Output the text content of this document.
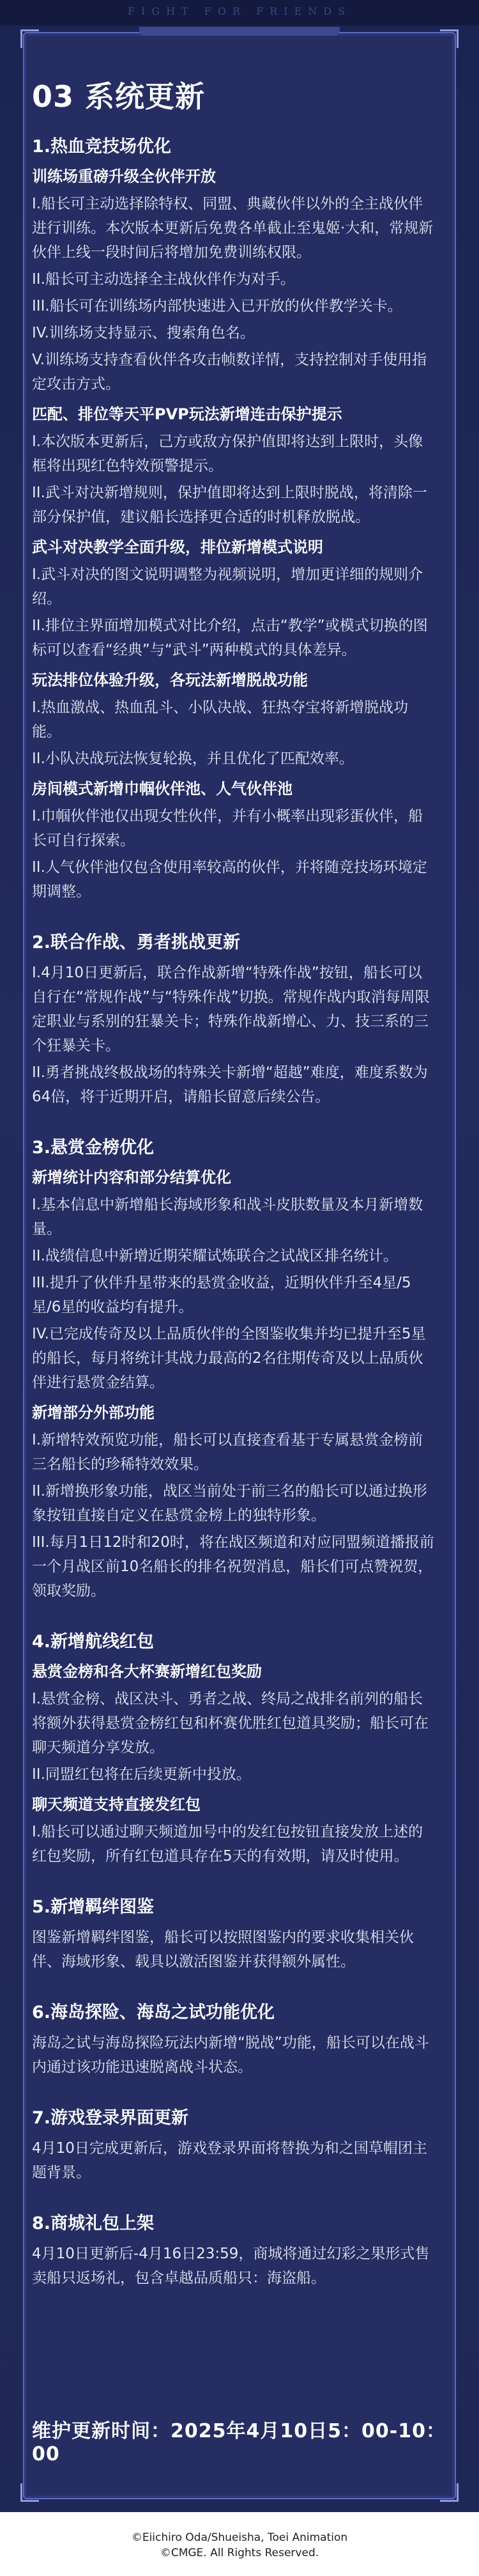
FIGHT FOR FRIENDS
03 系统更新
1.热血竞技场优化
训练场重磅升级全伙伴开放
I.船长可主动选择除特权、同盟、典藏伙伴以外的全主战伙伴进行训练。本次版本更新后免费各单截止至鬼姬·大和，常规新伙伴上线一段时间后将增加免费训练权限。
II.船长可主动选择全主战伙伴作为对手。
III.船长可在训练场内部快速进入已开放的伙伴教学关卡。
IV.训练场支持显示、搜索角色名。
V.训练场支持查看伙伴各攻击帧数详情，支持控制对手使用指定攻击方式。
匹配、排位等天平PVP玩法新增连击保护提示
I.本次版本更新后，己方或敌方保护值即将达到上限时，头像框将出现红色特效预警提示。
II.武斗对决新增规则，保护值即将达到上限时脱战，将清除一部分保护值，建议船长选择更合适的时机释放脱战。
武斗对决教学全面升级，排位新增模式说明
I.武斗对决的图文说明调整为视频说明，增加更详细的规则介绍。
II.排位主界面增加模式对比介绍，点击“教学”或模式切换的图标可以查看“经典”与“武斗”两种模式的具体差异。
玩法排位体验升级，各玩法新增脱战功能
I.热血激战、热血乱斗、小队决战、狂热夺宝将新增脱战功能。
II.小队决战玩法恢复轮换，并且优化了匹配效率。
房间模式新增巾帼伙伴池、人气伙伴池
I.巾帼伙伴池仅出现女性伙伴，并有小概率出现彩蛋伙伴，船长可自行探索。
II.人气伙伴池仅包含使用率较高的伙伴，并将随竞技场环境定期调整。
2.联合作战、勇者挑战更新
I.4月10日更新后，联合作战新增“特殊作战”按钮，船长可以自行在“常规作战”与“特殊作战”切换。常规作战内取消每周限定职业与系别的狂暴关卡；特殊作战新增心、力、技三系的三个狂暴关卡。
II.勇者挑战终极战场的特殊关卡新增“超越”难度，难度系数为64倍，将于近期开启，请船长留意后续公告。
3.悬赏金榜优化
新增统计内容和部分结算优化
I.基本信息中新增船长海域形象和战斗皮肤数量及本月新增数量。
II.战绩信息中新增近期荣耀试炼联合之试战区排名统计。
III.提升了伙伴升星带来的悬赏金收益，近期伙伴升至4星/5星/6星的收益均有提升。
IV.已完成传奇及以上品质伙伴的全图鉴收集并均已提升至5星的船长，每月将统计其战力最高的2名往期传奇及以上品质伙伴进行悬赏金结算。
新增部分外部功能
I.新增特效预览功能，船长可以直接查看基于专属悬赏金榜前三名船长的珍稀特效效果。
II.新增换形象功能，战区当前处于前三名的船长可以通过换形象按钮直接自定义在悬赏金榜上的独特形象。
III.每月1日12时和20时，将在战区频道和对应同盟频道播报前一个月战区前10名船长的排名祝贺消息，船长们可点赞祝贺，领取奖励。
4.新增航线红包
悬赏金榜和各大杯赛新增红包奖励
I.悬赏金榜、战区决斗、勇者之战、终局之战排名前列的船长将额外获得悬赏金榜红包和杯赛优胜红包道具奖励；船长可在聊天频道分享发放。
II.同盟红包将在后续更新中投放。
聊天频道支持直接发红包
I.船长可以通过聊天频道加号中的发红包按钮直接发放上述的红包奖励，所有红包道具存在5天的有效期，请及时使用。
5.新增羁绊图鉴
图鉴新增羁绊图鉴，船长可以按照图鉴内的要求收集相关伙伴、海域形象、载具以激活图鉴并获得额外属性。
6.海岛探险、海岛之试功能优化
海岛之试与海岛探险玩法内新增“脱战”功能，船长可以在战斗内通过该功能迅速脱离战斗状态。
7.游戏登录界面更新
4月10日完成更新后，游戏登录界面将替换为和之国草帽团主题背景。
8.商城礼包上架
4月10日更新后-4月16日23:59，商城将通过幻彩之果形式售卖船只返场礼，包含卓越品质船只：海盗船。
维护更新时间：2025年4月10日5：00-10：00
©Eiichiro Oda/Shueisha, Toei Animation
©CMGE. All Rights Reserved.
